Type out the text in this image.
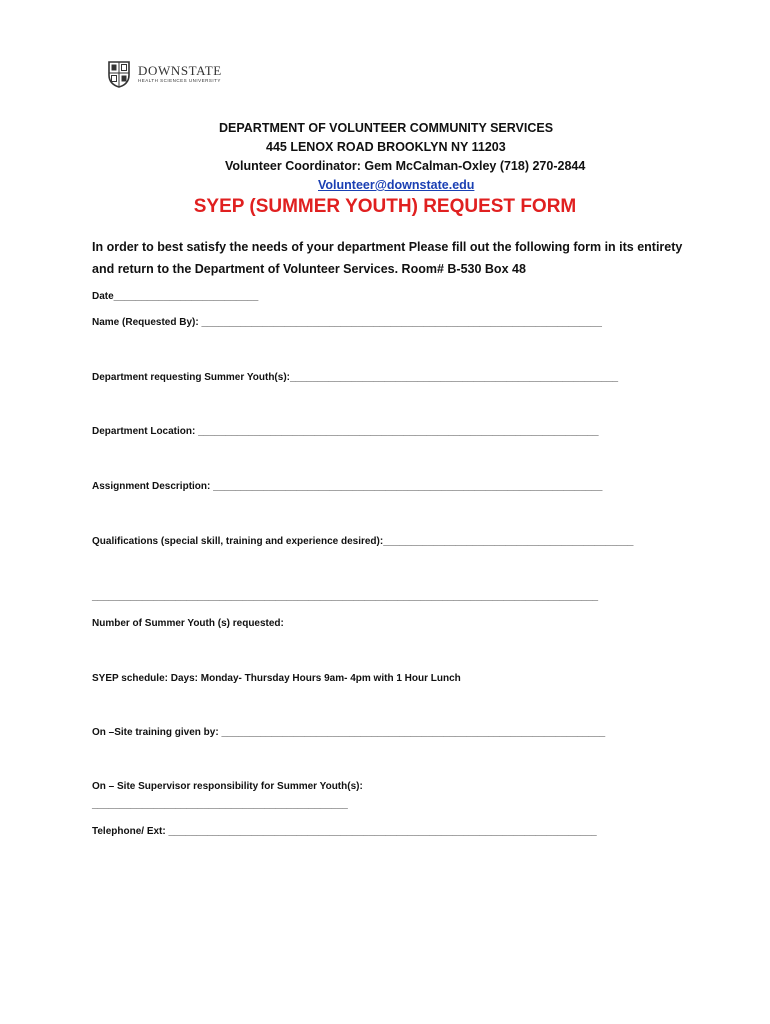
DOWNSTATE
HEALTH SCIENCES UNIVERSITY
DEPARTMENT OF VOLUNTEER COMMUNITY SERVICES
445 LENOX ROAD BROOKLYN NY 11203
Volunteer Coordinator: Gem McCalman-Oxley (718) 270-2844
Volunteer@downstate.edu
SYEP (SUMMER YOUTH) REQUEST FORM
In order to best satisfy the needs of your department Please fill out the following form in its entirety and return to the Department of Volunteer Services. Room# B-530 Box 48
Date__________________________
Name (Requested By): ________________________________________________________________________
Department requesting Summer Youth(s):___________________________________________________________
Department Location: ________________________________________________________________________
Assignment Description: ______________________________________________________________________
Qualifications (special skill, training and experience desired):_____________________________________________
___________________________________________________________________________________________
Number of Summer Youth (s) requested:
SYEP schedule: Days: Monday- Thursday Hours 9am- 4pm with 1 Hour Lunch
On –Site training given by: _____________________________________________________________________
On – Site Supervisor responsibility for Summer Youth(s):
______________________________________________
Telephone/ Ext: _____________________________________________________________________________
